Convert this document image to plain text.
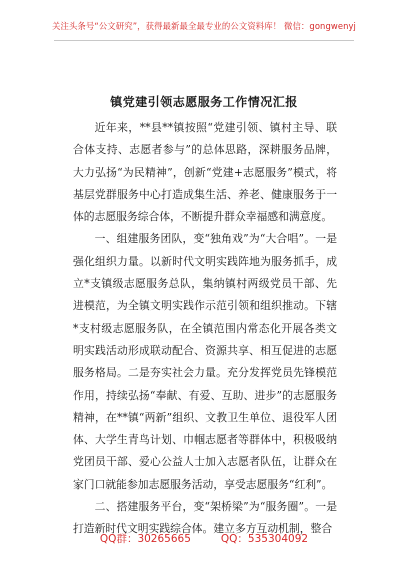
关注头条号“公文研究”，获得最新最全最专业的公文资料库！ 微信：gongwenyj
镇党建引领志愿服务工作情况汇报

近年来，**县**镇按照“党建引领、镇村主导、联合体支持、志愿者参与”的总体思路，深耕服务品牌，大力弘扬“为民精神”，创新“党建+志愿服务”模式，将基层党群服务中心打造成集生活、养老、健康服务于一体的志愿服务综合体，不断提升群众幸福感和满意度。

一、组建服务团队，变“独角戏”为“大合唱”。一是强化组织力量。以新时代文明实践阵地为服务抓手，成立*支镇级志愿服务总队，集纳镇村两级党员干部、先进模范，为全镇文明实践作示范引领和组织推动。下辖*支村级志愿服务队，在全镇范围内常态化开展各类文明实践活动形成联动配合、资源共享、相互促进的志愿服务格局。二是夯实社会力量。充分发挥党员先锋模范作用，持续弘扬“奉献、有爱、互助、进步”的志愿服务精神，在**镇“两新”组织、文教卫生单位、退役军人团体、大学生青鸟计划、巾帼志愿者等群体中，积极吸纳党团员干部、爱心公益人士加入志愿者队伍，让群众在家门口就能参加志愿服务活动，享受志愿服务“红利”。

二、搭建服务平台，变“架桥梁”为“服务圈”。一是打造新时代文明实践综合体。建立多方互动机制，整合

QQ群：30265665	QQ：535304092
